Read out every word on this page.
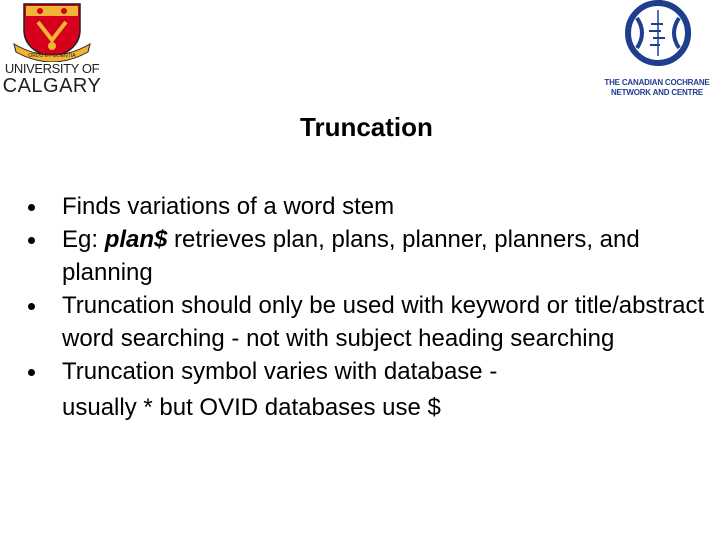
ORDO ET SCIENTIA
UNIVERSITY OF
CALGARY	THE CANADIAN COCHRANE
NETWORK AND CENTRE
Truncation
Finds variations of a word stem
Eg: plan$ retrieves plan, plans, planner, planners, and planning
Truncation should only be used with keyword or title/abstract word searching - not with subject heading searching
Truncation symbol varies with database -
usually * but OVID databases use $
